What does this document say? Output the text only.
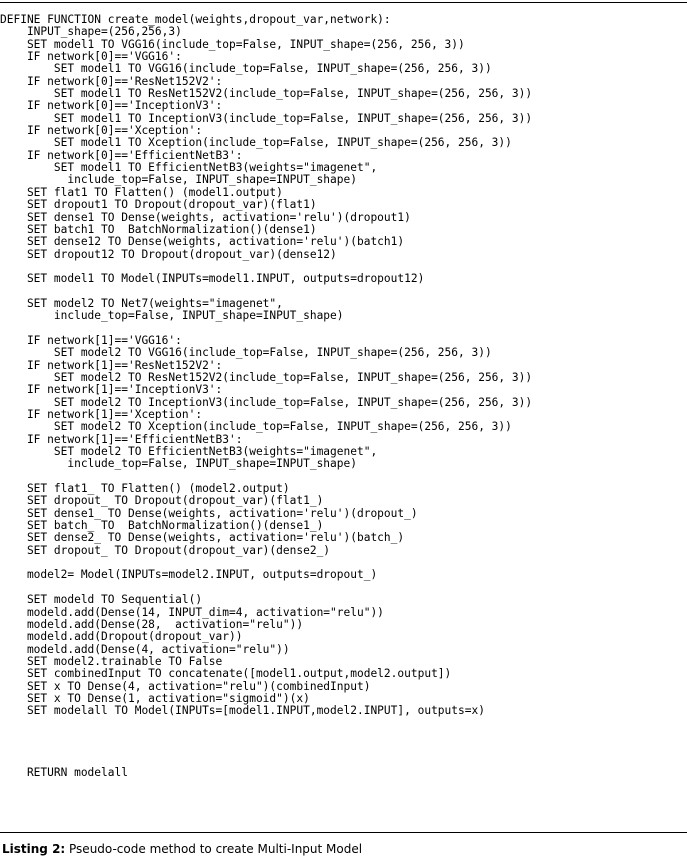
DEFINE FUNCTION create_model(weights,dropout_var,network):
INPUT_shape=(256,256,3)
SET model1 TO VGG16(include_top=False, INPUT_shape=(256, 256, 3))
IF network[0]=='VGG16':
SET model1 TO VGG16(include_top=False, INPUT_shape=(256, 256, 3))
IF network[0]=='ResNet152V2':
SET model1 TO ResNet152V2(include_top=False, INPUT_shape=(256, 256, 3))
IF network[0]=='InceptionV3':
SET model1 TO InceptionV3(include_top=False, INPUT_shape=(256, 256, 3))
IF network[0]=='Xception':
SET model1 TO Xception(include_top=False, INPUT_shape=(256, 256, 3))
IF network[0]=='EfficientNetB3':
SET model1 TO EfficientNetB3(weights="imagenet",
include_top=False, INPUT_shape=INPUT_shape)
SET flat1 TO Flatten() (model1.output)
SET dropout1 TO Dropout(dropout_var)(flat1)
SET dense1 TO Dense(weights, activation='relu')(dropout1)
SET batch1 TO  BatchNormalization()(dense1)
SET dense12 TO Dense(weights, activation='relu')(batch1)
SET dropout12 TO Dropout(dropout_var)(dense12)
SET model1 TO Model(INPUTs=model1.INPUT, outputs=dropout12)
SET model2 TO Net7(weights="imagenet",
include_top=False, INPUT_shape=INPUT_shape)
IF network[1]=='VGG16':
SET model2 TO VGG16(include_top=False, INPUT_shape=(256, 256, 3))
IF network[1]=='ResNet152V2':
SET model2 TO ResNet152V2(include_top=False, INPUT_shape=(256, 256, 3))
IF network[1]=='InceptionV3':
SET model2 TO InceptionV3(include_top=False, INPUT_shape=(256, 256, 3))
IF network[1]=='Xception':
SET model2 TO Xception(include_top=False, INPUT_shape=(256, 256, 3))
IF network[1]=='EfficientNetB3':
SET model2 TO EfficientNetB3(weights="imagenet",
include_top=False, INPUT_shape=INPUT_shape)
SET flat1_ TO Flatten() (model2.output)
SET dropout_ TO Dropout(dropout_var)(flat1_)
SET dense1_ TO Dense(weights, activation='relu')(dropout_)
SET batch_ TO  BatchNormalization()(dense1_)
SET dense2_ TO Dense(weights, activation='relu')(batch_)
SET dropout_ TO Dropout(dropout_var)(dense2_)
model2= Model(INPUTs=model2.INPUT, outputs=dropout_)
SET modeld TO Sequential()
modeld.add(Dense(14, INPUT_dim=4, activation="relu"))
modeld.add(Dense(28,  activation="relu"))
modeld.add(Dropout(dropout_var))
modeld.add(Dense(4, activation="relu"))
SET model2.trainable TO False
SET combinedInput TO concatenate([model1.output,model2.output])
SET x TO Dense(4, activation="relu")(combinedInput)
SET x TO Dense(1, activation="sigmoid")(x)
SET modelall TO Model(INPUTs=[model1.INPUT,model2.INPUT], outputs=x)
RETURN modelall
Listing 2: Pseudo-code method to create Multi-Input Model
